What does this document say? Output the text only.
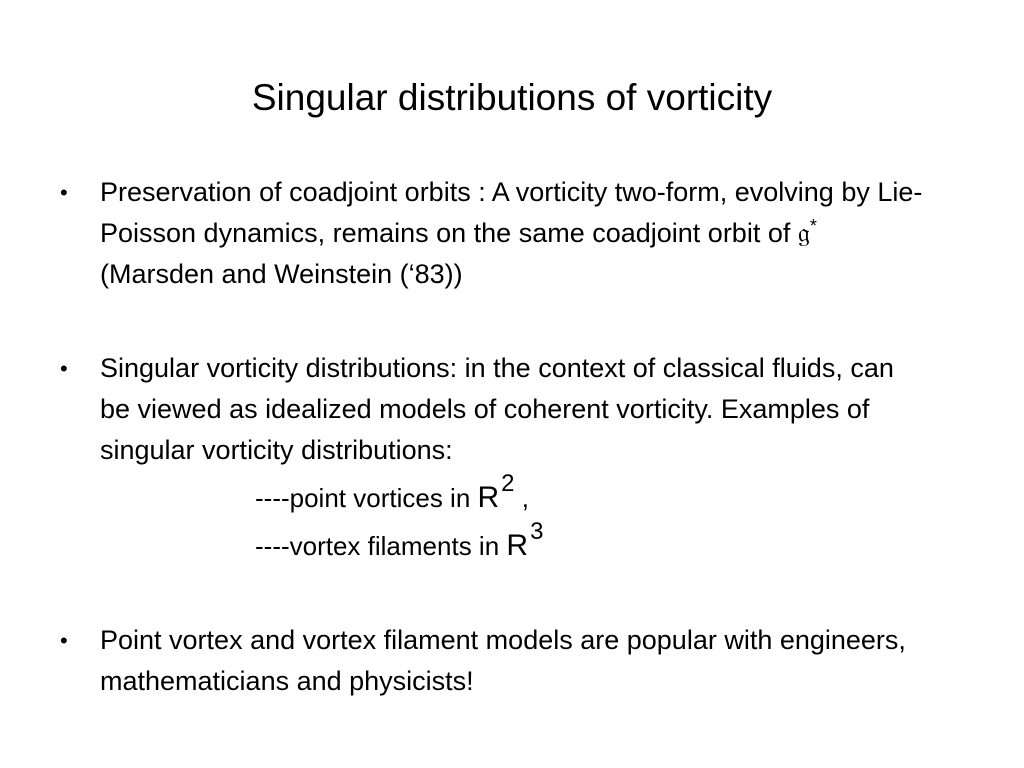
Singular distributions of vorticity
• Preservation of coadjoint orbits : A vorticity two-form, evolving by Lie-Poisson dynamics, remains on the same coadjoint orbit of 𝔤* (Marsden and Weinstein (‘83))
• Singular vorticity distributions: in the context of classical fluids, can be viewed as idealized models of coherent vorticity. Examples of singular vorticity distributions:
----point vortices in R2 ,
----vortex filaments in R3
• Point vortex and vortex filament models are popular with engineers, mathematicians and physicists!
